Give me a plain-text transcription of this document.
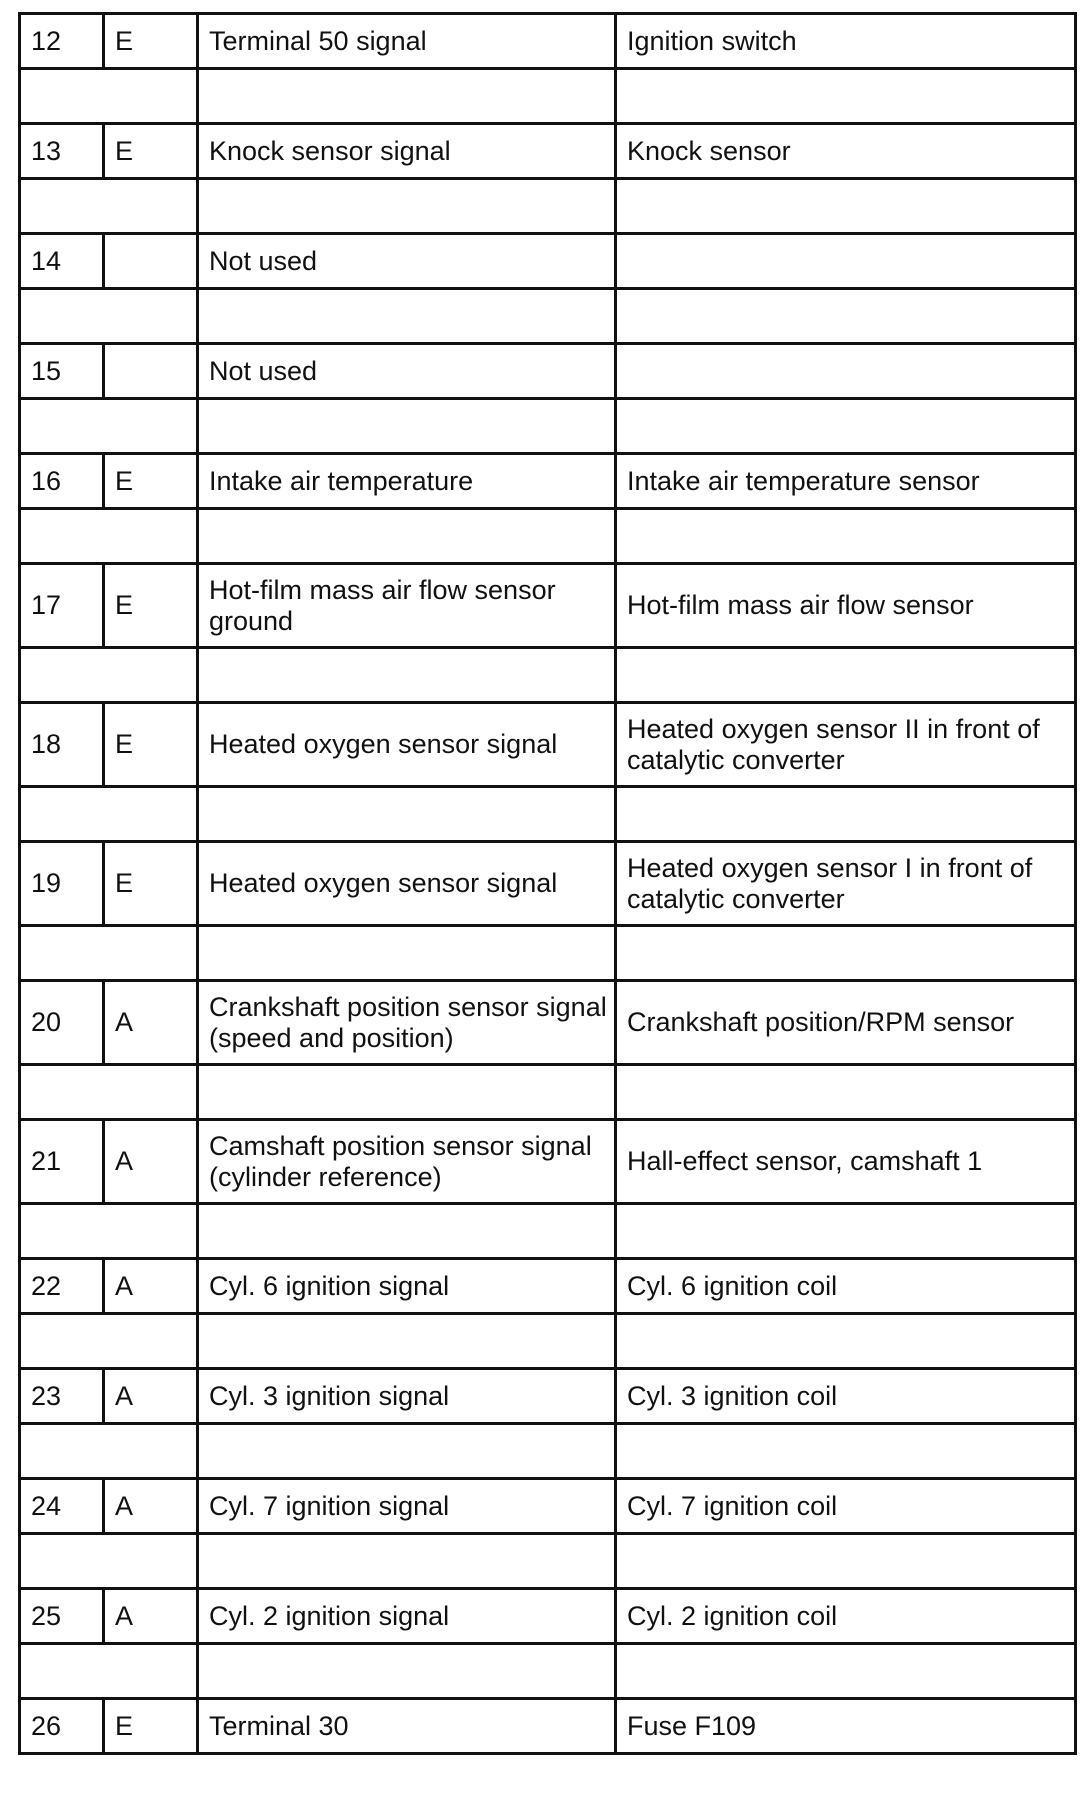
12	E	Terminal 50 signal	Ignition switch

13	E	Knock sensor signal	Knock sensor

14		Not used	

15		Not used	

16	E	Intake air temperature	Intake air temperature sensor

17	E	Hot-film mass air flow sensor ground	Hot-film mass air flow sensor

18	E	Heated oxygen sensor signal	Heated oxygen sensor II in front of catalytic converter

19	E	Heated oxygen sensor signal	Heated oxygen sensor I in front of catalytic converter

20	A	Crankshaft position sensor signal (speed and position)	Crankshaft position/RPM sensor

21	A	Camshaft position sensor signal (cylinder reference)	Hall-effect sensor, camshaft 1

22	A	Cyl. 6 ignition signal	Cyl. 6 ignition coil

23	A	Cyl. 3 ignition signal	Cyl. 3 ignition coil

24	A	Cyl. 7 ignition signal	Cyl. 7 ignition coil

25	A	Cyl. 2 ignition signal	Cyl. 2 ignition coil

26	E	Terminal 30	Fuse F109
